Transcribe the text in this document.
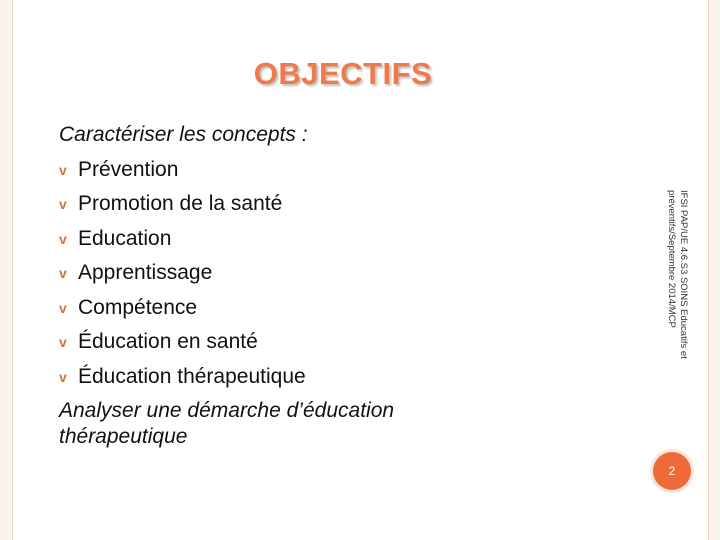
OBJECTIFS
Caractériser les concepts :
v Prévention
v Promotion de la santé
v Education
v Apprentissage
v Compétence
v Éducation en santé
v Éducation thérapeutique
Analyser une démarche d’éducation thérapeutique
IFSI PAP/UE 4.6.S3 SOINS Educatifs et préventifs/Septembre 2014/MCP
2
